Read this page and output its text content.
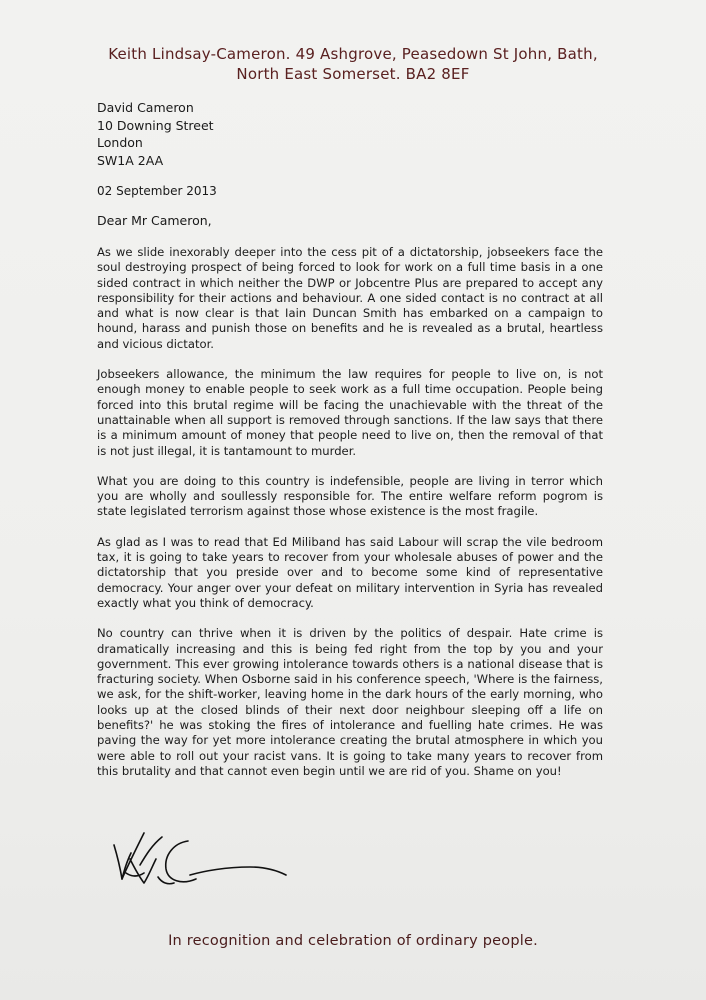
Keith Lindsay-Cameron. 49 Ashgrove, Peasedown St John, Bath,
North East Somerset. BA2 8EF
David Cameron
10 Downing Street
London
SW1A 2AA
02 September 2013
Dear Mr Cameron,

As we slide inexorably deeper into the cess pit of a dictatorship, jobseekers face the soul destroying prospect of being forced to look for work on a full time basis in a one sided contract in which neither the DWP or Jobcentre Plus are prepared to accept any responsibility for their actions and behaviour. A one sided contact is no contract at all and what is now clear is that Iain Duncan Smith has embarked on a campaign to hound, harass and punish those on benefits and he is revealed as a brutal, heartless and vicious dictator.

Jobseekers allowance, the minimum the law requires for people to live on, is not enough money to enable people to seek work as a full time occupation. People being forced into this brutal regime will be facing the unachievable with the threat of the unattainable when all support is removed through sanctions. If the law says that there is a minimum amount of money that people need to live on, then the removal of that is not just illegal, it is tantamount to murder.

What you are doing to this country is indefensible, people are living in terror which you are wholly and soullessly responsible for. The entire welfare reform pogrom is state legislated terrorism against those whose existence is the most fragile.

As glad as I was to read that Ed Miliband has said Labour will scrap the vile bedroom tax, it is going to take years to recover from your wholesale abuses of power and the dictatorship that you preside over and to become some kind of representative democracy. Your anger over your defeat on military intervention in Syria has revealed exactly what you think of democracy.

No country can thrive when it is driven by the politics of despair. Hate crime is dramatically increasing and this is being fed right from the top by you and your government. This ever growing intolerance towards others is a national disease that is fracturing society. When Osborne said in his conference speech, 'Where is the fairness, we ask, for the shift-worker, leaving home in the dark hours of the early morning, who looks up at the closed blinds of their next door neighbour sleeping off a life on benefits?' he was stoking the fires of intolerance and fuelling hate crimes. He was paving the way for yet more intolerance creating the brutal atmosphere in which you were able to roll out your racist vans. It is going to take many years to recover from this brutality and that cannot even begin until we are rid of you. Shame on you!

In recognition and celebration of ordinary people.
